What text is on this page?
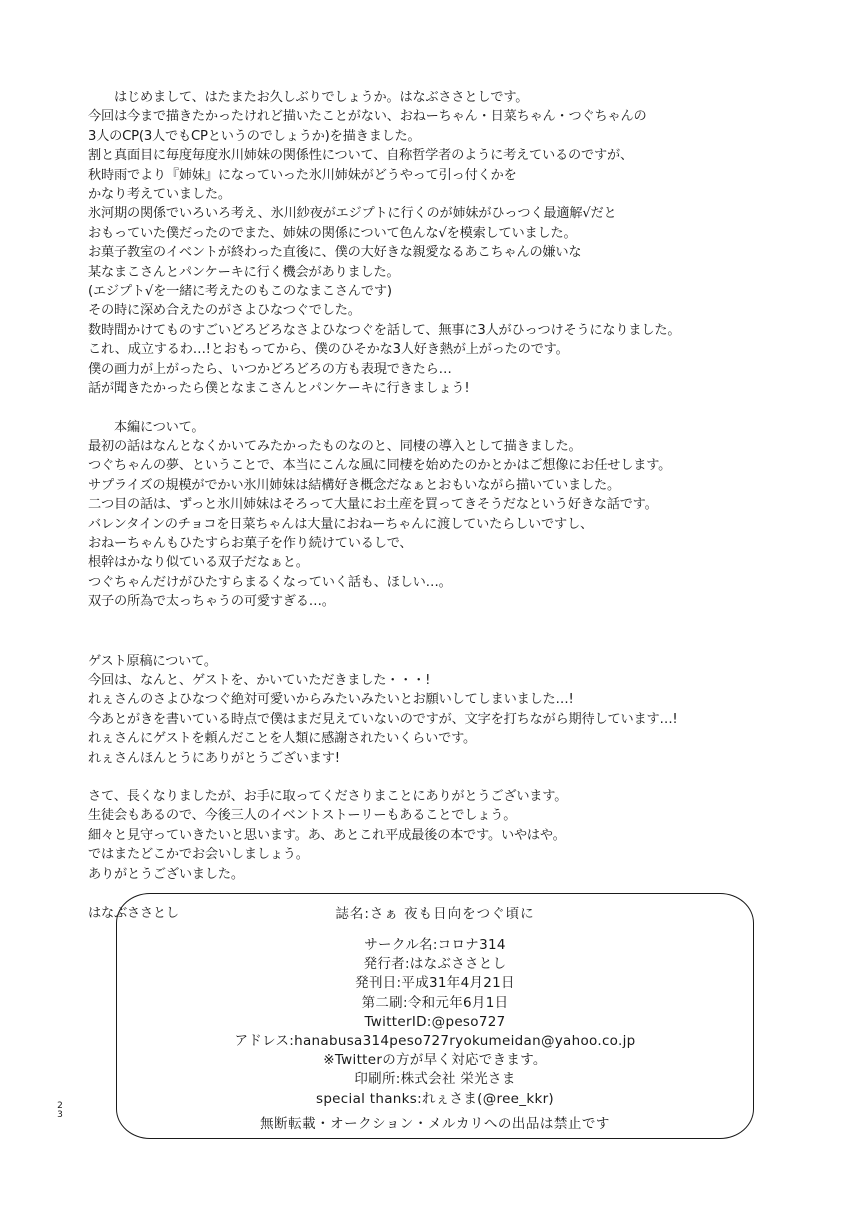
はじめまして、はたまたお久しぶりでしょうか。はなぶささとしです。
今回は今まで描きたかったけれど描いたことがない、おねーちゃん・日菜ちゃん・つぐちゃんの
3人のCP(3人でもCPというのでしょうか)を描きました。
割と真面目に毎度毎度氷川姉妹の関係性について、自称哲学者のように考えているのですが、
秋時雨でより『姉妹』になっていった氷川姉妹がどうやって引っ付くかを
かなり考えていました。
氷河期の関係でいろいろ考え、氷川紗夜がエジプトに行くのが姉妹がひっつく最適解√だと
おもっていた僕だったのでまた、姉妹の関係について色んな√を模索していました。
お菓子教室のイベントが終わった直後に、僕の大好きな親愛なるあこちゃんの嫌いな
某なまこさんとパンケーキに行く機会がありました。
(エジプト√を一緒に考えたのもこのなまこさんです)
その時に深め合えたのがさよひなつぐでした。
数時間かけてものすごいどろどろなさよひなつぐを話して、無事に3人がひっつけそうになりました。
これ、成立するわ…!とおもってから、僕のひそかな3人好き熱が上がったのです。
僕の画力が上がったら、いつかどろどろの方も表現できたら…
話が聞きたかったら僕となまこさんとパンケーキに行きましょう!
本編について。
最初の話はなんとなくかいてみたかったものなのと、同棲の導入として描きました。
つぐちゃんの夢、ということで、本当にこんな風に同棲を始めたのかとかはご想像にお任せします。
サプライズの規模がでかい氷川姉妹は結構好き概念だなぁとおもいながら描いていました。
二つ目の話は、ずっと氷川姉妹はそろって大量にお土産を買ってきそうだなという好きな話です。
バレンタインのチョコを日菜ちゃんは大量におねーちゃんに渡していたらしいですし、
おねーちゃんもひたすらお菓子を作り続けているしで、
根幹はかなり似ている双子だなぁと。
つぐちゃんだけがひたすらまるくなっていく話も、ほしい…。
双子の所為で太っちゃうの可愛すぎる…。
ゲスト原稿について。
今回は、なんと、ゲストを、かいていただきました・・・!
れぇさんのさよひなつぐ絶対可愛いからみたいみたいとお願いしてしまいました…!
今あとがきを書いている時点で僕はまだ見えていないのですが、文字を打ちながら期待しています…!
れぇさんにゲストを頼んだことを人類に感謝されたいくらいです。
れぇさんほんとうにありがとうございます!
さて、長くなりましたが、お手に取ってくださりまことにありがとうございます。
生徒会もあるので、今後三人のイベントストーリーもあることでしょう。
細々と見守っていきたいと思います。あ、あとこれ平成最後の本です。いやはや。
ではまたどこかでお会いしましょう。
ありがとうございました。
はなぶささとし	誌名:さぁ 夜も日向をつぐ頃に
サークル名:コロナ314
発行者:はなぶささとし
発刊日:平成31年4月21日
第二刷:令和元年6月1日
TwitterID:@peso727
アドレス:hanabusa314peso727ryokumeidan@yahoo.co.jp
※Twitterの方が早く対応できます。
印刷所:株式会社 栄光さま
special thanks:れぇさま(@ree_kkr)
無断転載・オークション・メルカリへの出品は禁止です
23
